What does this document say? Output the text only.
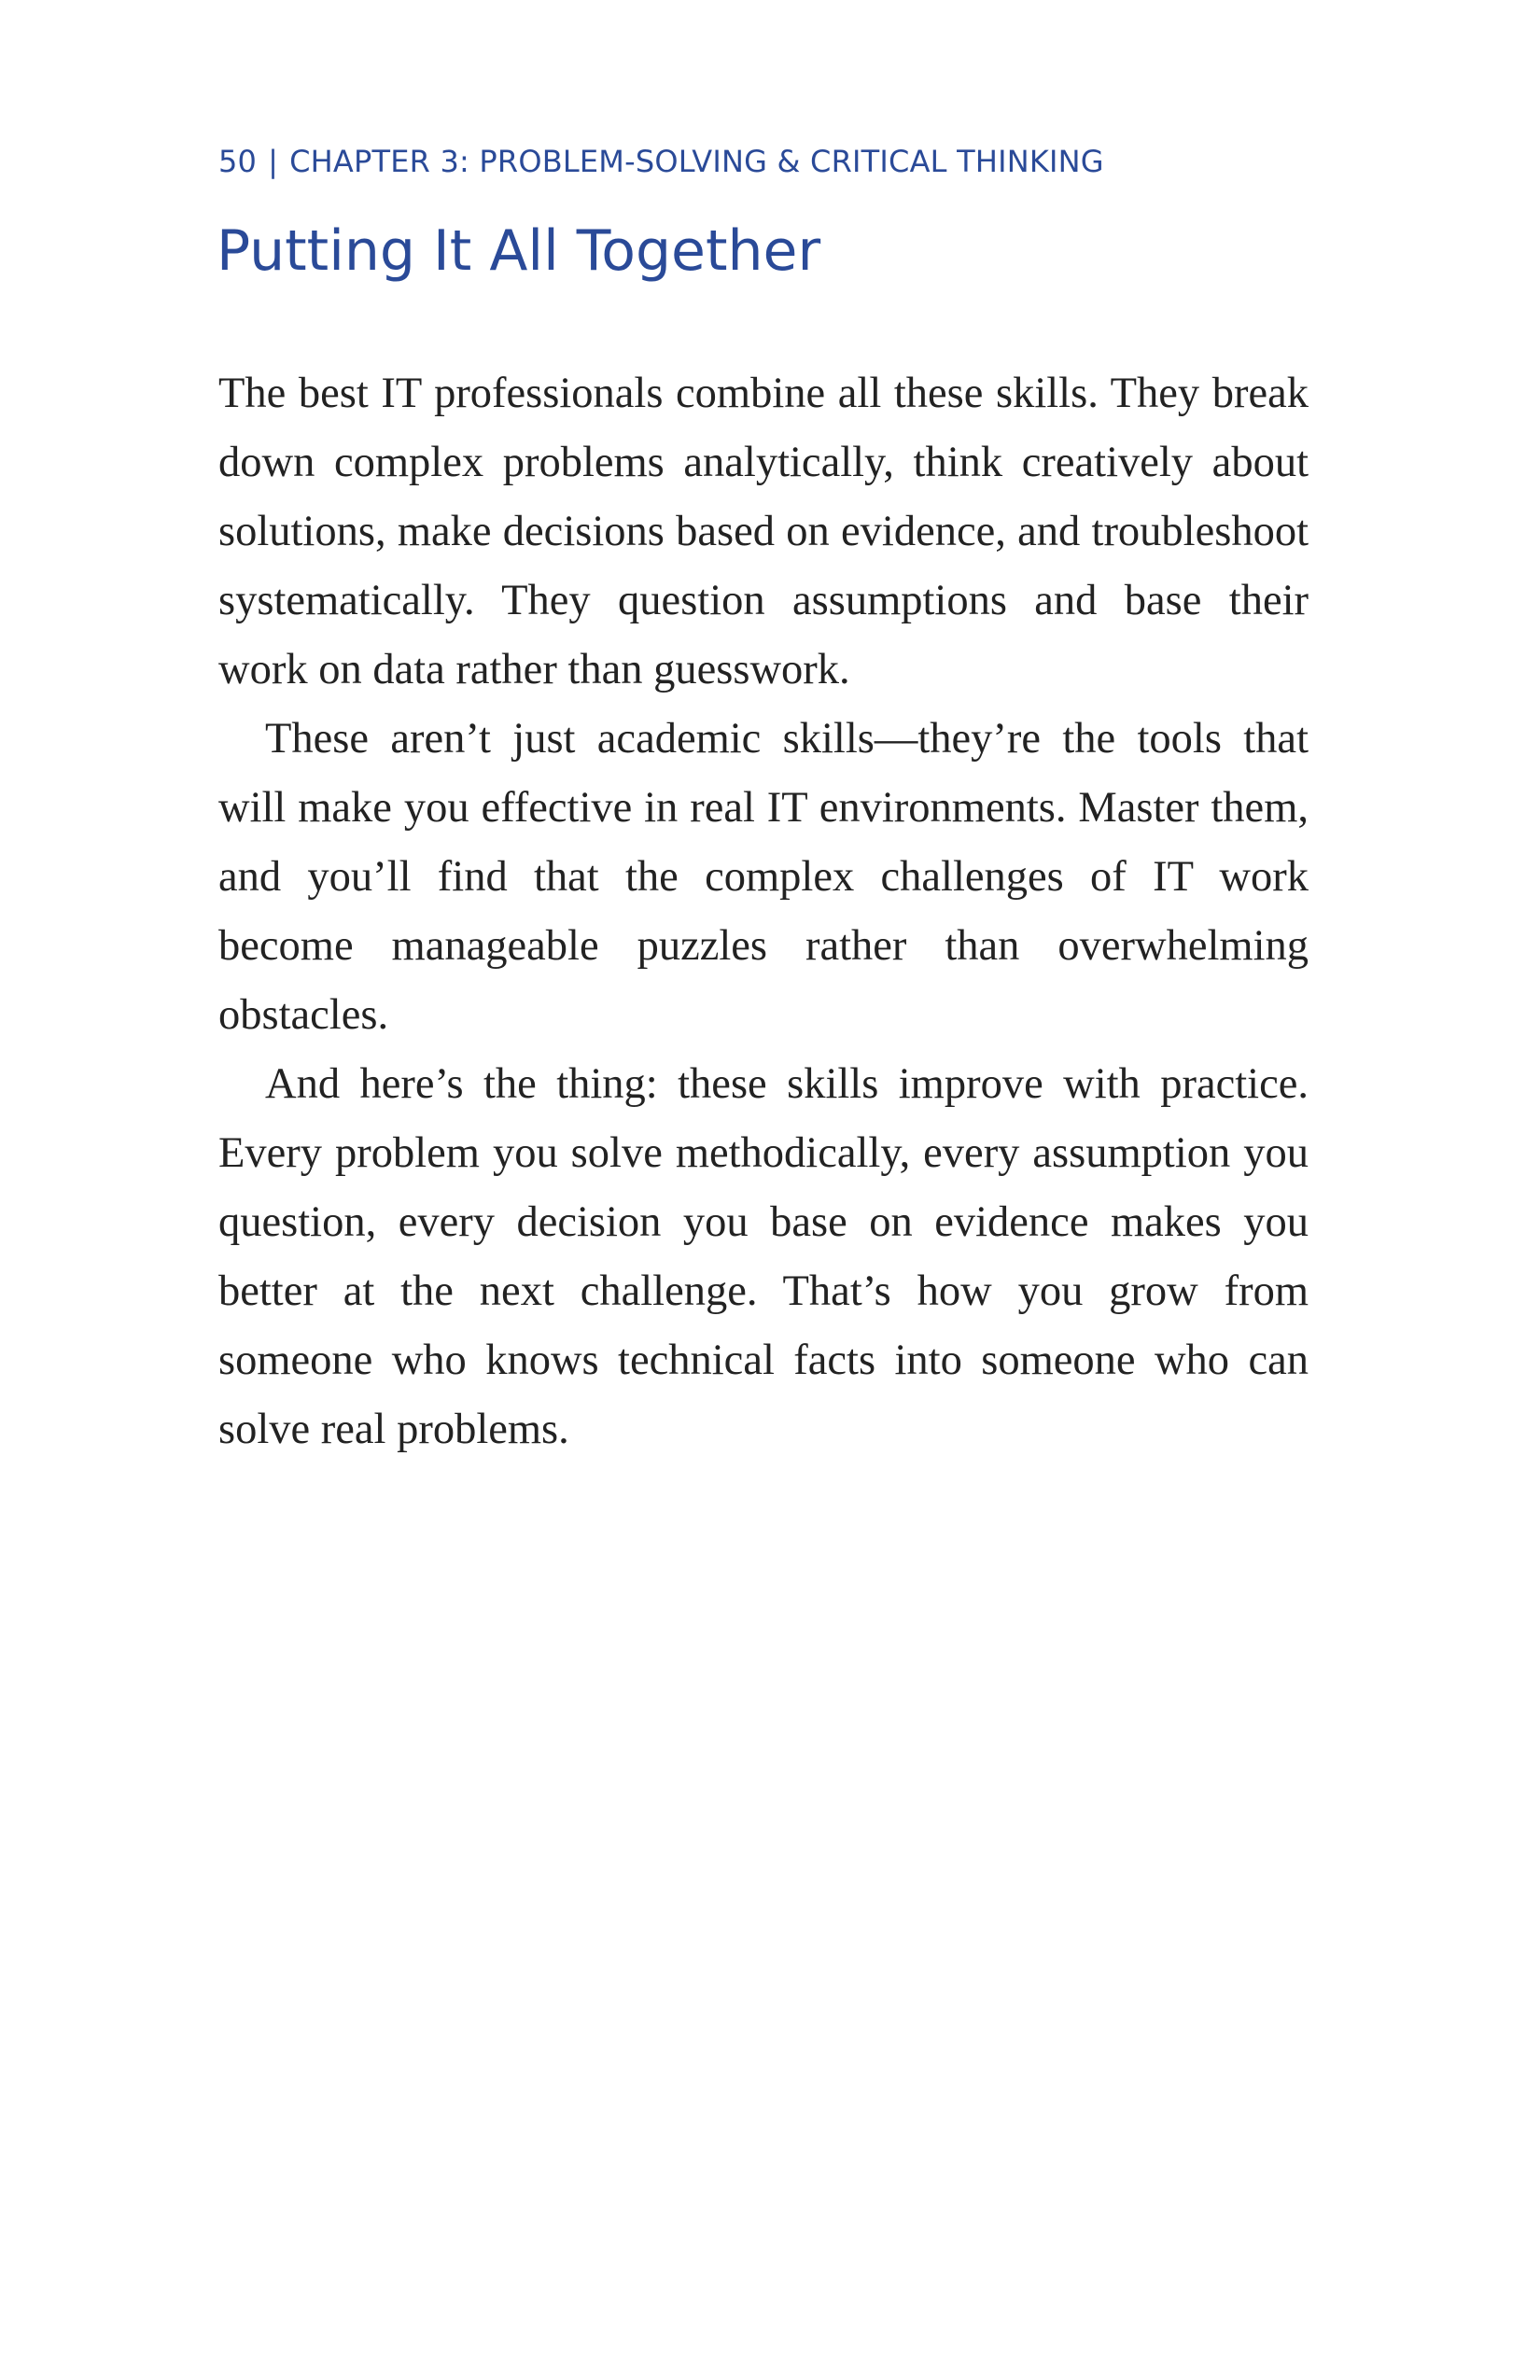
50 | CHAPTER 3: PROBLEM-SOLVING & CRITICAL THINKING
Putting It All Together

The best IT professionals combine all these skills. They break down complex problems analytically, think creatively about solutions, make decisions based on evidence, and troubleshoot systematically. They question assumptions and base their work on data rather than guesswork.

These aren’t just academic skills—they’re the tools that will make you effective in real IT environments. Master them, and you’ll find that the complex challenges of IT work become manageable puzzles rather than overwhelming obstacles.

And here’s the thing: these skills improve with practice. Every problem you solve methodically, every assumption you question, every decision you base on evidence makes you better at the next challenge. That’s how you grow from someone who knows technical facts into someone who can solve real problems.
